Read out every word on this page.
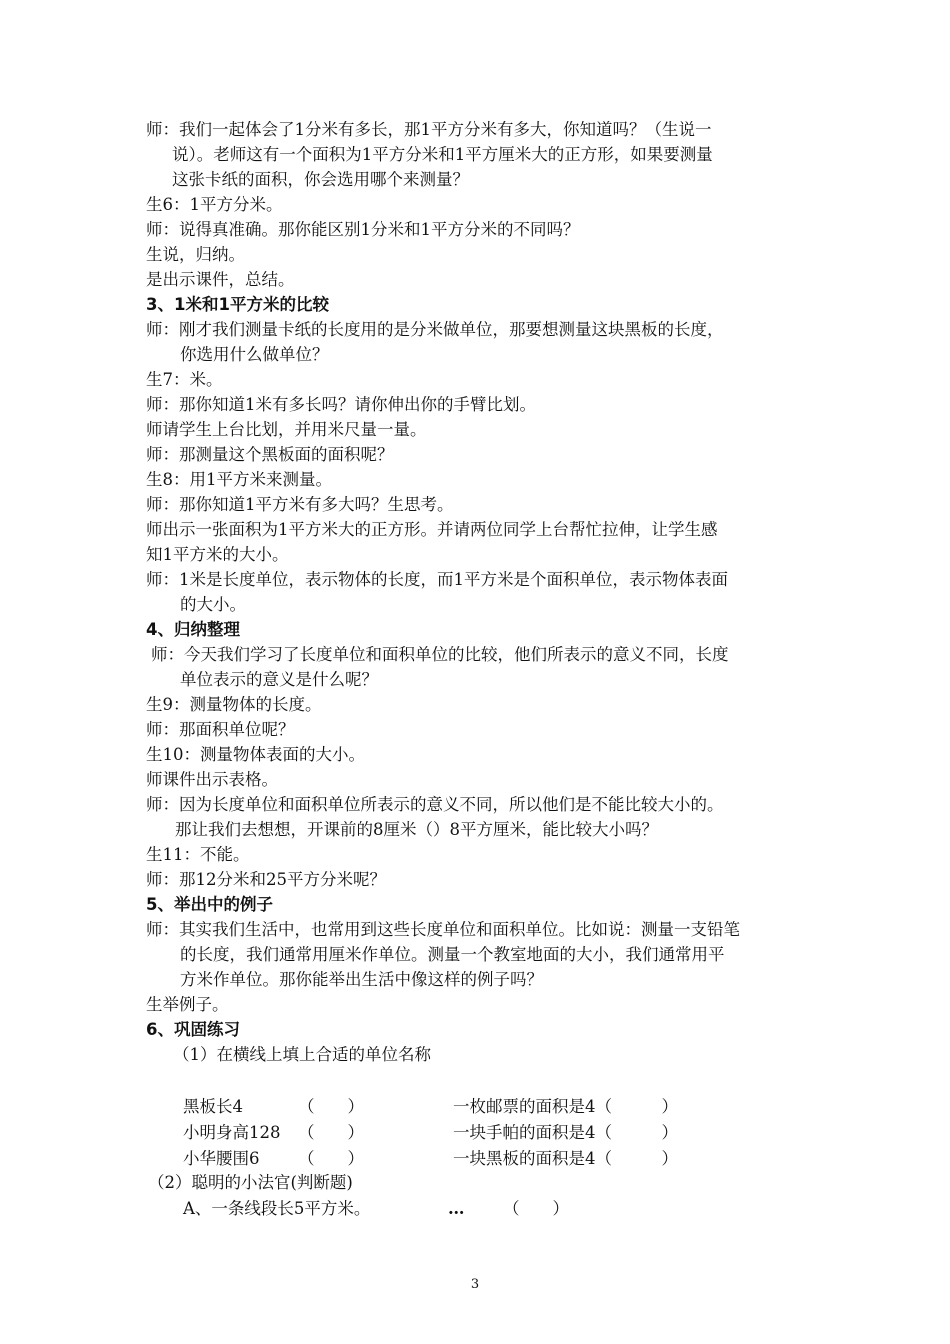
师：我们一起体会了1分米有多长，那1平方分米有多大，你知道吗？（生说一
说）。老师这有一个面积为1平方分米和1平方厘米大的正方形，如果要测量
这张卡纸的面积，你会选用哪个来测量？
生6：1平方分米。
师：说得真准确。那你能区别1分米和1平方分米的不同吗？
生说，归纳。
是出示课件，总结。
3、1米和1平方米的比较
师：刚才我们测量卡纸的长度用的是分米做单位，那要想测量这块黑板的长度，
你选用什么做单位？
生7：米。
师：那你知道1米有多长吗？请你伸出你的手臂比划。
师请学生上台比划，并用米尺量一量。
师：那测量这个黑板面的面积呢？
生8：用1平方米来测量。
师：那你知道1平方米有多大吗？生思考。
师出示一张面积为1平方米大的正方形。并请两位同学上台帮忙拉伸，让学生感
知1平方米的大小。
师：1米是长度单位，表示物体的长度，而1平方米是个面积单位，表示物体表面
的大小。
4、归纳整理
师：今天我们学习了长度单位和面积单位的比较，他们所表示的意义不同，长度
单位表示的意义是什么呢？
生9：测量物体的长度。
师：那面积单位呢？
生10：测量物体表面的大小。
师课件出示表格。
师：因为长度单位和面积单位所表示的意义不同，所以他们是不能比较大小的。
那让我们去想想，开课前的8厘米（）8平方厘米，能比较大小吗？
生11：不能。
师：那12分米和25平方分米呢？
5、举出中的例子
师：其实我们生活中，也常用到这些长度单位和面积单位。比如说：测量一支铅笔
的长度，我们通常用厘米作单位。测量一个教室地面的大小，我们通常用平
方米作单位。那你能举出生活中像这样的例子吗？
生举例子。
6、巩固练习
（1）在横线上填上合适的单位名称
黑板长4	（　　）	一枚邮票的面积是4（　　　）
小明身高128 （　　）	一块手帕的面积是4（　　　）
小华腰围6 （　　）	一块黑板的面积是4（　　　）
（2）聪明的小法官(判断题)
A、一条线段长5平方米。	… （　　）
3
